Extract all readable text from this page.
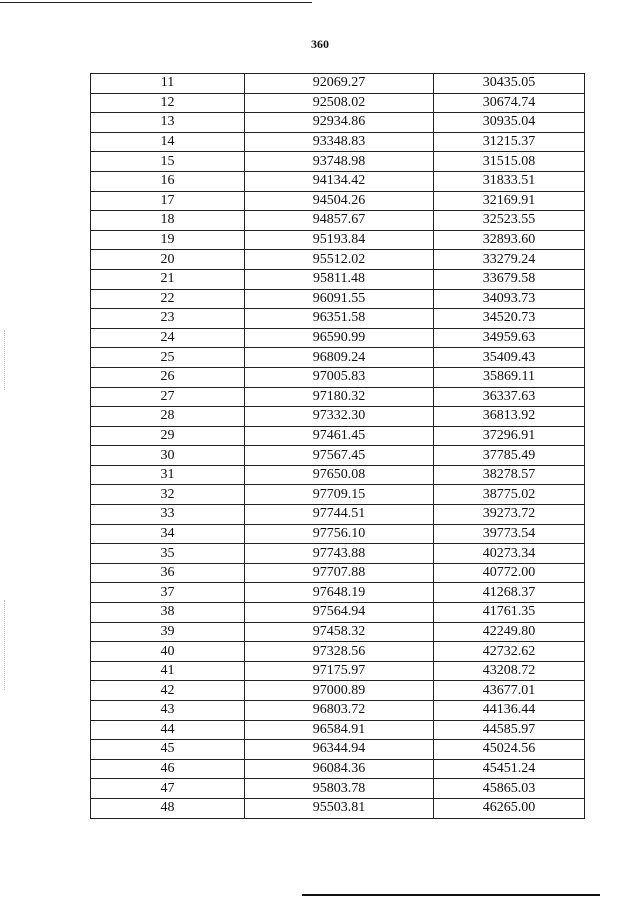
360
11	92069.27	30435.05
12	92508.02	30674.74
13	92934.86	30935.04
14	93348.83	31215.37
15	93748.98	31515.08
16	94134.42	31833.51
17	94504.26	32169.91
18	94857.67	32523.55
19	95193.84	32893.60
20	95512.02	33279.24
21	95811.48	33679.58
22	96091.55	34093.73
23	96351.58	34520.73
24	96590.99	34959.63
25	96809.24	35409.43
26	97005.83	35869.11
27	97180.32	36337.63
28	97332.30	36813.92
29	97461.45	37296.91
30	97567.45	37785.49
31	97650.08	38278.57
32	97709.15	38775.02
33	97744.51	39273.72
34	97756.10	39773.54
35	97743.88	40273.34
36	97707.88	40772.00
37	97648.19	41268.37
38	97564.94	41761.35
39	97458.32	42249.80
40	97328.56	42732.62
41	97175.97	43208.72
42	97000.89	43677.01
43	96803.72	44136.44
44	96584.91	44585.97
45	96344.94	45024.56
46	96084.36	45451.24
47	95803.78	45865.03
48	95503.81	46265.00
